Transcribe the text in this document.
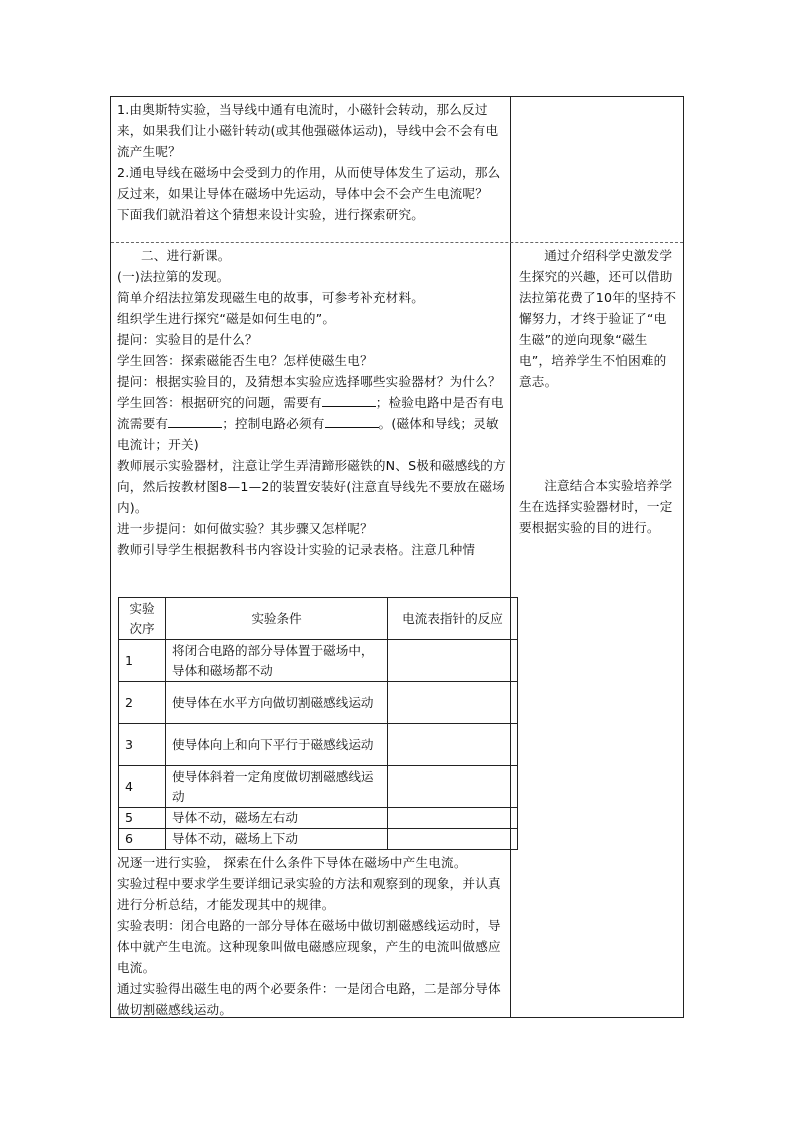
1.由奥斯特实验，当导线中通有电流时，小磁针会转动，那么反过来，如果我们让小磁针转动(或其他强磁体运动)，导线中会不会有电流产生呢？

2.通电导线在磁场中会受到力的作用，从而使导体发生了运动，那么反过来，如果让导体在磁场中先运动，导体中会不会产生电流呢？

下面我们就沿着这个猜想来设计实验，进行探索研究。

二、进行新课。

(一)法拉第的发现。

简单介绍法拉第发现磁生电的故事，可参考补充材料。

组织学生进行探究“磁是如何生电的”。

提问：实验目的是什么？

学生回答：探索磁能否生电？怎样使磁生电？

提问：根据实验目的，及猜想本实验应选择哪些实验器材？为什么？

学生回答：根据研究的问题，需要有	；检验电路中是否有电流需要有	；控制电路必须有	。(磁体和导线；灵敏电流计；开关)

教师展示实验器材，注意让学生弄清蹄形磁铁的N、S极和磁感线的方向，然后按教材图8—1—2的装置安装好(注意直导线先不要放在磁场内)。

进一步提问：如何做实验？其步骤又怎样呢？

教师引导学生根据教科书内容设计实验的记录表格。注意几种情

实验次序	实验条件	电流表指针的反应
1	将闭合电路的部分导体置于磁场中，导体和磁场都不动	
2	使导体在水平方向做切割磁感线运动	
3	使导体向上和向下平行于磁感线运动	
4	使导体斜着一定角度做切割磁感线运动	
5	导体不动，磁场左右动	
6	导体不动，磁场上下动	

况逐一进行实验， 探索在什么条件下导体在磁场中产生电流。

实验过程中要求学生要详细记录实验的方法和观察到的现象，并认真进行分析总结，才能发现其中的规律。

实验表明：闭合电路的一部分导体在磁场中做切割磁感线运动时，导体中就产生电流。这种现象叫做电磁感应现象，产生的电流叫做感应电流。

通过实验得出磁生电的两个必要条件：一是闭合电路，二是部分导体做切割磁感线运动。

通过介绍科学史激发学生探究的兴趣，还可以借助法拉第花费了10年的坚持不懈努力，才终于验证了“电生磁”的逆向现象“磁生电”，培养学生不怕困难的意志。

注意结合本实验培养学生在选择实验器材时，一定要根据实验的目的进行。
